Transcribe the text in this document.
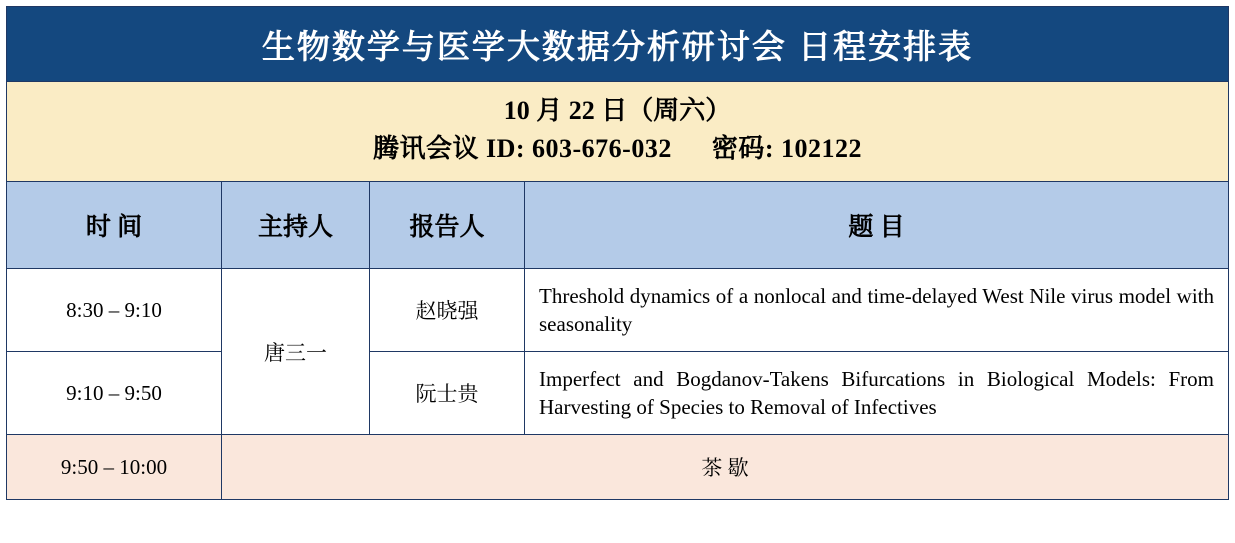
生物数学与医学大数据分析研讨会 日程安排表			

10 月 22 日（周六）
腾讯会议 ID: 603-676-032 密码: 102122			

时 间	主持人	报告人	题 目
8:30 – 9:10	唐三一	赵晓强	Threshold dynamics of a nonlocal and time-delayed West Nile virus model with seasonality
9:10 – 9:50		阮士贵	Imperfect and Bogdanov-Takens Bifurcations in Biological Models: From Harvesting of Species to Removal of Infectives
9:50 – 10:00	茶 歇		
